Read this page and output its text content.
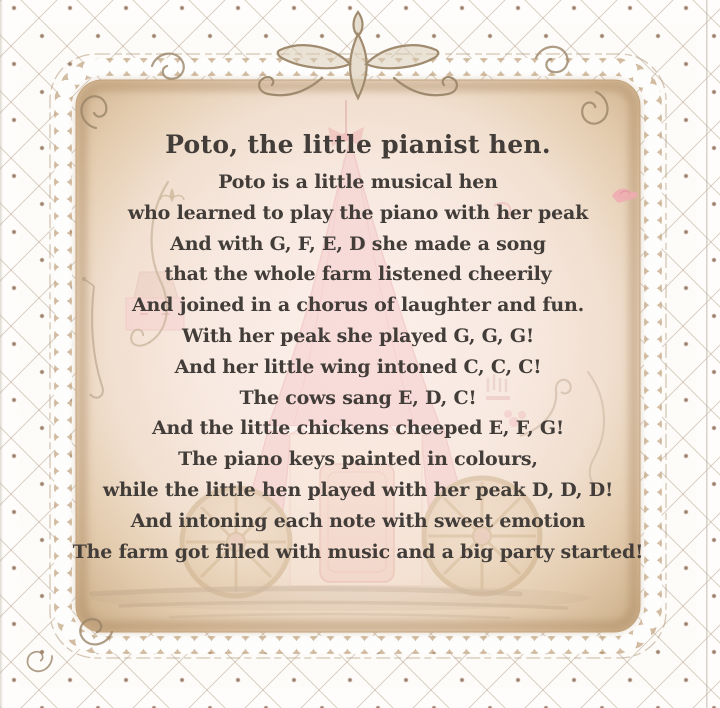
Poto, the little pianist hen.

Poto is a little musical hen

who learned to play the piano with her peak

And with G, F, E, D she made a song

that the whole farm listened cheerily

And joined in a chorus of laughter and fun.

With her peak she played G, G, G!

And her little wing intoned C, C, C!

The cows sang E, D, C!

And the little chickens cheeped E, F, G!

The piano keys painted in colours,

while the little hen played with her peak D, D, D!

And intoning each note with sweet emotion

The farm got filled with music and a big party started!
